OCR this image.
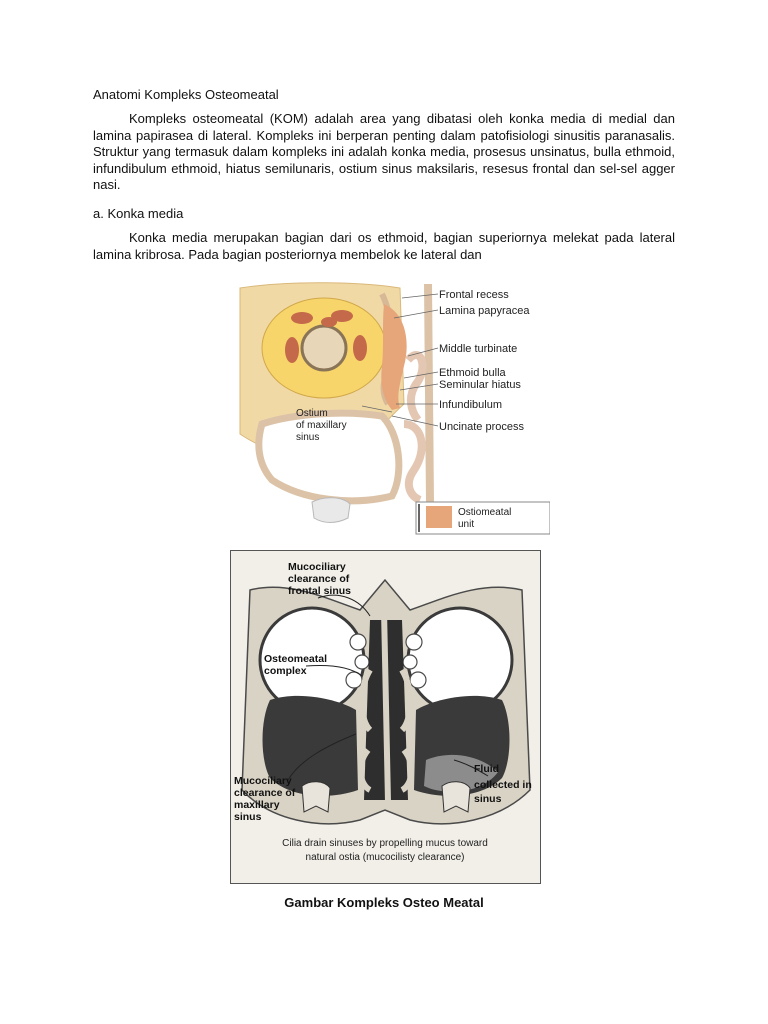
Anatomi Kompleks Osteomeatal

Kompleks osteomeatal (KOM) adalah area yang dibatasi oleh konka media di medial dan lamina papirasea di lateral. Kompleks ini berperan penting dalam patofisiologi sinusitis paranasalis. Struktur yang termasuk dalam kompleks ini adalah konka media, prosesus unsinatus, bulla ethmoid, infundibulum ethmoid, hiatus semilunaris, ostium sinus maksilaris, resesus frontal dan sel-sel agger nasi.

a. Konka media

Konka media merupakan bagian dari os ethmoid, bagian superiornya melekat pada lateral lamina kribrosa. Pada bagian posteriornya membelok ke lateral dan

Frontal recess
Lamina papyracea
Middle turbinate
Ethmoid bulla
Seminular hiatus
Infundibulum
Uncinate process
Ostium
of maxillary
sinus
Ostiomeatal
unit
Mucociliary
clearance of
frontal sinus
Osteomeatal
complex
Mucociliary
clearance of
maxillary
sinus
Fluid
collected in
sinus
Cilia drain sinuses by propelling mucus toward
natural ostia (mucocilisty clearance)
Gambar Kompleks Osteo Meatal
